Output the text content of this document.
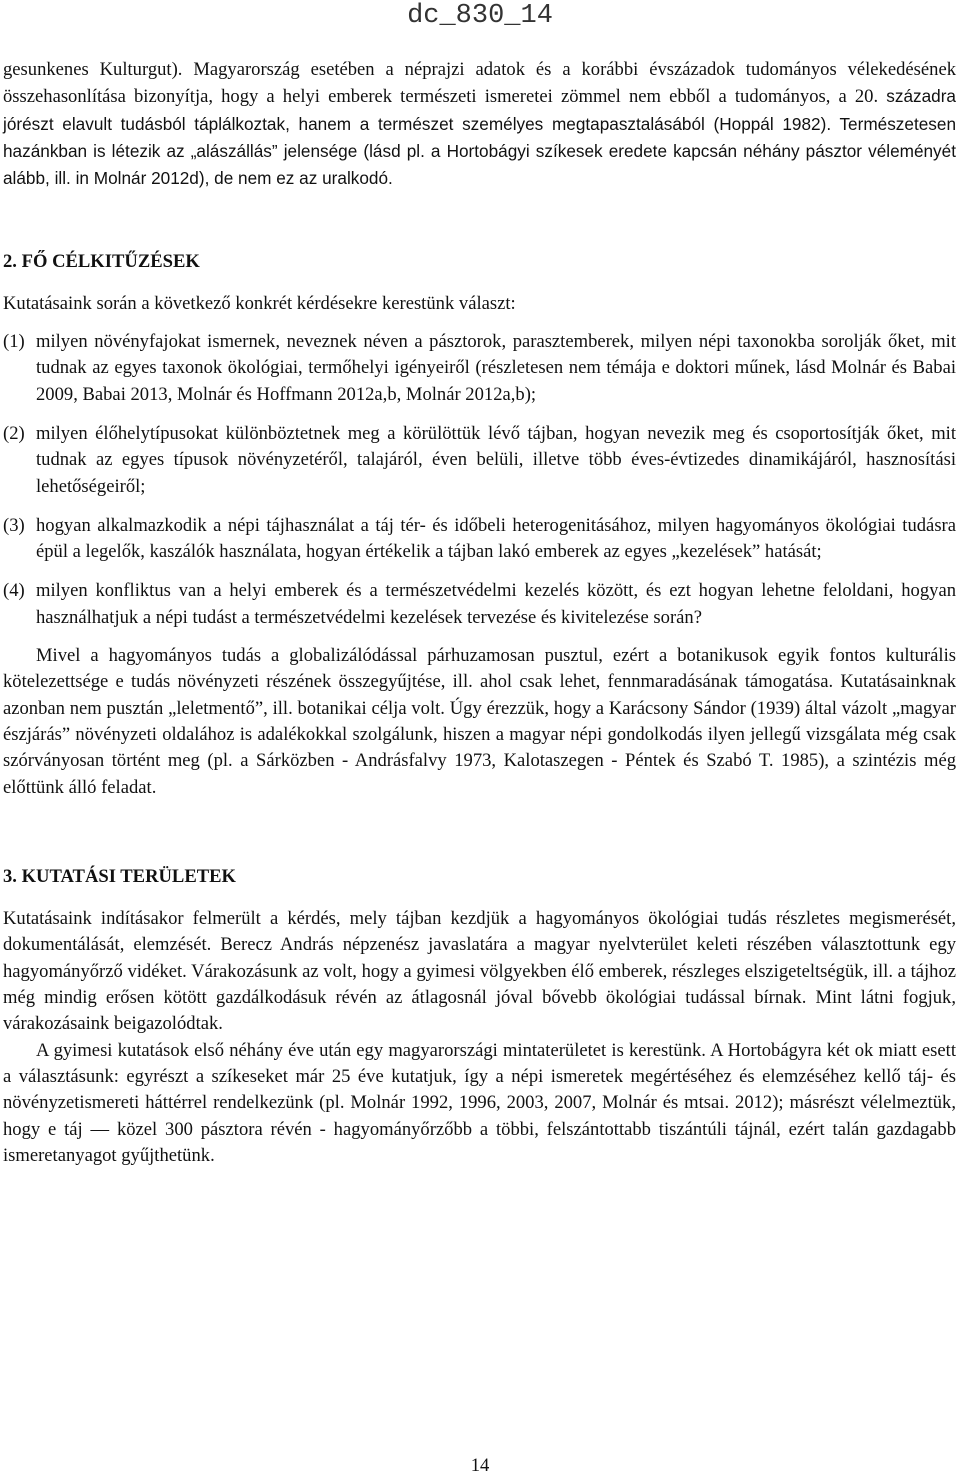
dc_830_14

gesunkenes Kulturgut). Magyarország esetében a néprajzi adatok és a korábbi évszázadok tudományos vélekedésének összehasonlítása bizonyítja, hogy a helyi emberek természeti ismeretei zömmel nem ebből a tudományos, a 20. századra jórészt elavult tudásból táplálkoztak, hanem a természet személyes megtapasztalásából (Hoppál 1982). Természetesen hazánkban is létezik az „alászállás” jelensége (lásd pl. a Hortobágyi szíkesek eredete kapcsán néhány pásztor véleményét alább, ill. in Molnár 2012d), de nem ez az uralkodó.

2. FŐ CÉLKITŰZÉSEK

Kutatásaink során a következő konkrét kérdésekre kerestünk választ:

(1) milyen növényfajokat ismernek, neveznek néven a pásztorok, parasztemberek, milyen népi taxonokba sorolják őket, mit tudnak az egyes taxonok ökológiai, termőhelyi igényeiről (részletesen nem témája e doktori műnek, lásd Molnár és Babai 2009, Babai 2013, Molnár és Hoffmann 2012a,b, Molnár 2012a,b);
(2) milyen élőhelytípusokat különböztetnek meg a körülöttük lévő tájban, hogyan nevezik meg és csoportosítják őket, mit tudnak az egyes típusok növényzetéről, talajáról, éven belüli, illetve több éves-évtizedes dinamikájáról, hasznosítási lehetőségeiről;
(3) hogyan alkalmazkodik a népi tájhasználat a táj tér- és időbeli heterogenitásához, milyen hagyományos ökológiai tudásra épül a legelők, kaszálók használata, hogyan értékelik a tájban lakó emberek az egyes „kezelések” hatását;
(4) milyen konfliktus van a helyi emberek és a természetvédelmi kezelés között, és ezt hogyan lehetne feloldani, hogyan használhatjuk a népi tudást a természetvédelmi kezelések tervezése és kivitelezése során?

Mivel a hagyományos tudás a globalizálódással párhuzamosan pusztul, ezért a botanikusok egyik fontos kulturális kötelezettsége e tudás növényzeti részének összegyűjtése, ill. ahol csak lehet, fennmaradásának támogatása. Kutatásainknak azonban nem pusztán „leletmentő”, ill. botanikai célja volt. Úgy érezzük, hogy a Karácsony Sándor (1939) által vázolt „magyar észjárás” növényzeti oldalához is adalékokkal szolgálunk, hiszen a magyar népi gondolkodás ilyen jellegű vizsgálata még csak szórványosan történt meg (pl. a Sárközben - Andrásfalvy 1973, Kalotaszegen - Péntek és Szabó T. 1985), a szintézis még előttünk álló feladat.

3. KUTATÁSI TERÜLETEK

Kutatásaink indításakor felmerült a kérdés, mely tájban kezdjük a hagyományos ökológiai tudás részletes megismerését, dokumentálását, elemzését. Berecz András népzenész javaslatára a magyar nyelvterület keleti részében választottunk egy hagyományőrző vidéket. Várakozásunk az volt, hogy a gyimesi völgyekben élő emberek, részleges elszigeteltségük, ill. a tájhoz még mindig erősen kötött gazdálkodásuk révén az átlagosnál jóval bővebb ökológiai tudással bírnak. Mint látni fogjuk, várakozásaink beigazolódtak.

A gyimesi kutatások első néhány éve után egy magyarországi mintaterületet is kerestünk. A Hortobágyra két ok miatt esett a választásunk: egyrészt a szíkeseket már 25 éve kutatjuk, így a népi ismeretek megértéséhez és elemzéséhez kellő táj- és növényzetismereti háttérrel rendelkezünk (pl. Molnár 1992, 1996, 2003, 2007, Molnár és mtsai. 2012); másrészt vélelmeztük, hogy e táj ― közel 300 pásztora révén - hagyományőrzőbb a többi, felszántottabb tiszántúli tájnál, ezért talán gazdagabb ismeretanyagot gyűjthetünk.

14
